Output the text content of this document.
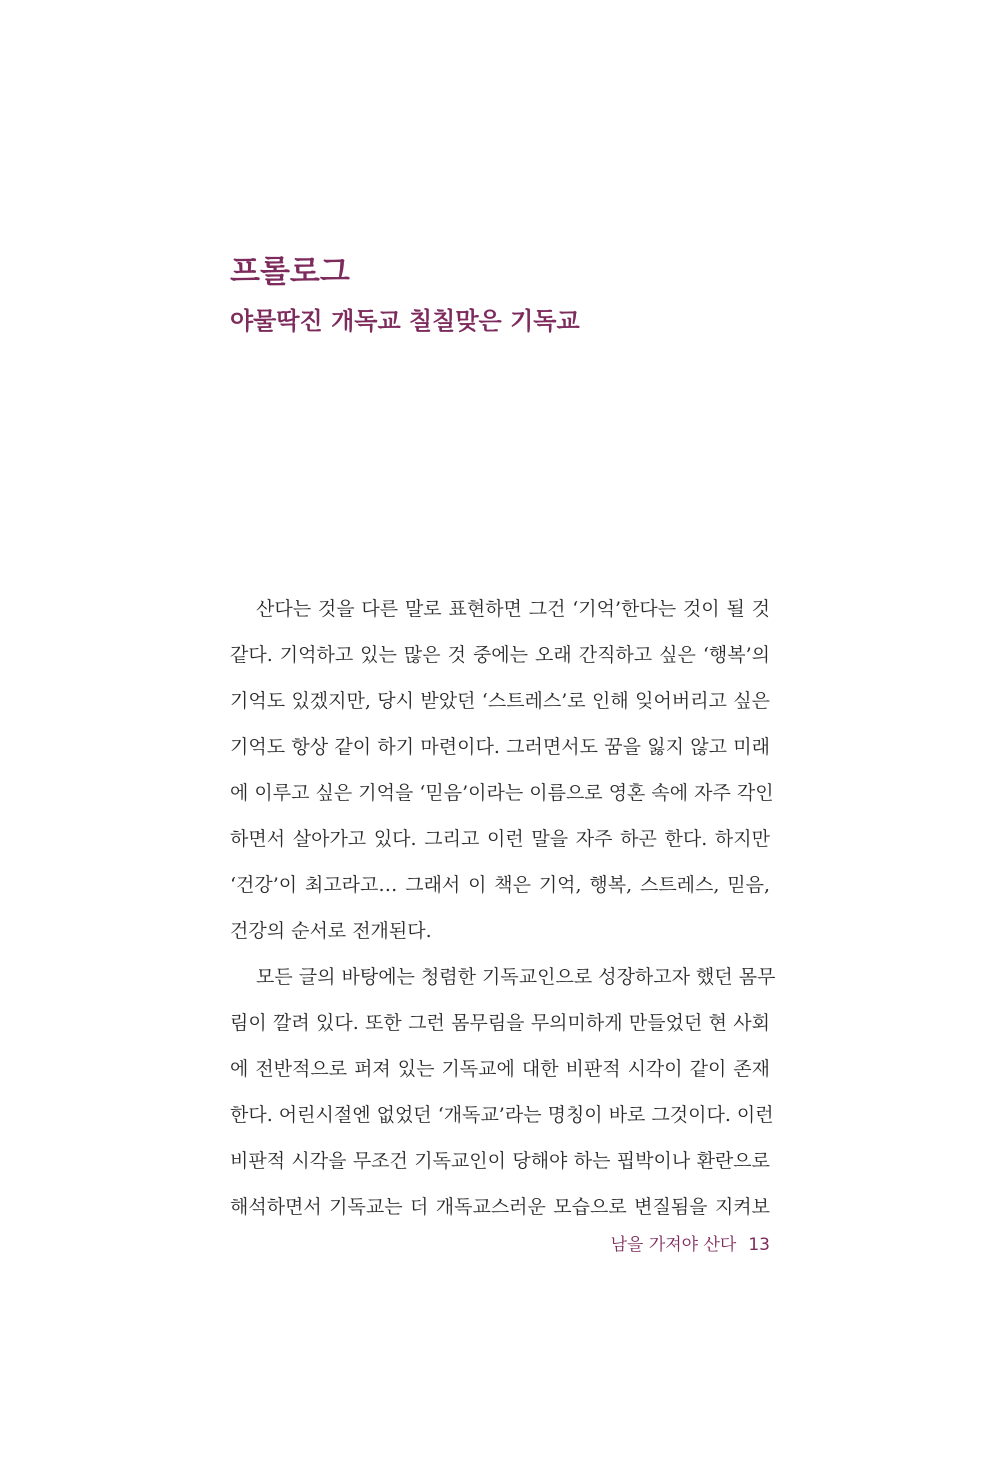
프롤로그
야물딱진 개독교 칠칠맞은 기독교
산다는 것을 다른 말로 표현하면 그건 ‘기억’한다는 것이 될 것
같다. 기억하고 있는 많은 것 중에는 오래 간직하고 싶은 ‘행복’의
기억도 있겠지만, 당시 받았던 ‘스트레스’로 인해 잊어버리고 싶은
기억도 항상 같이 하기 마련이다. 그러면서도 꿈을 잃지 않고 미래
에 이루고 싶은 기억을 ‘믿음’이라는 이름으로 영혼 속에 자주 각인
하면서 살아가고 있다. 그리고 이런 말을 자주 하곤 한다. 하지만
‘건강’이 최고라고… 그래서 이 책은 기억, 행복, 스트레스, 믿음,
건강의 순서로 전개된다.
모든 글의 바탕에는 청렴한 기독교인으로 성장하고자 했던 몸무
림이 깔려 있다. 또한 그런 몸무림을 무의미하게 만들었던 현 사회
에 전반적으로 퍼져 있는 기독교에 대한 비판적 시각이 같이 존재
한다. 어린시절엔 없었던 ‘개독교’라는 명칭이 바로 그것이다. 이런
비판적 시각을 무조건 기독교인이 당해야 하는 핍박이나 환란으로
해석하면서 기독교는 더 개독교스러운 모습으로 변질됨을 지켜보
남을 가져야 산다 13
